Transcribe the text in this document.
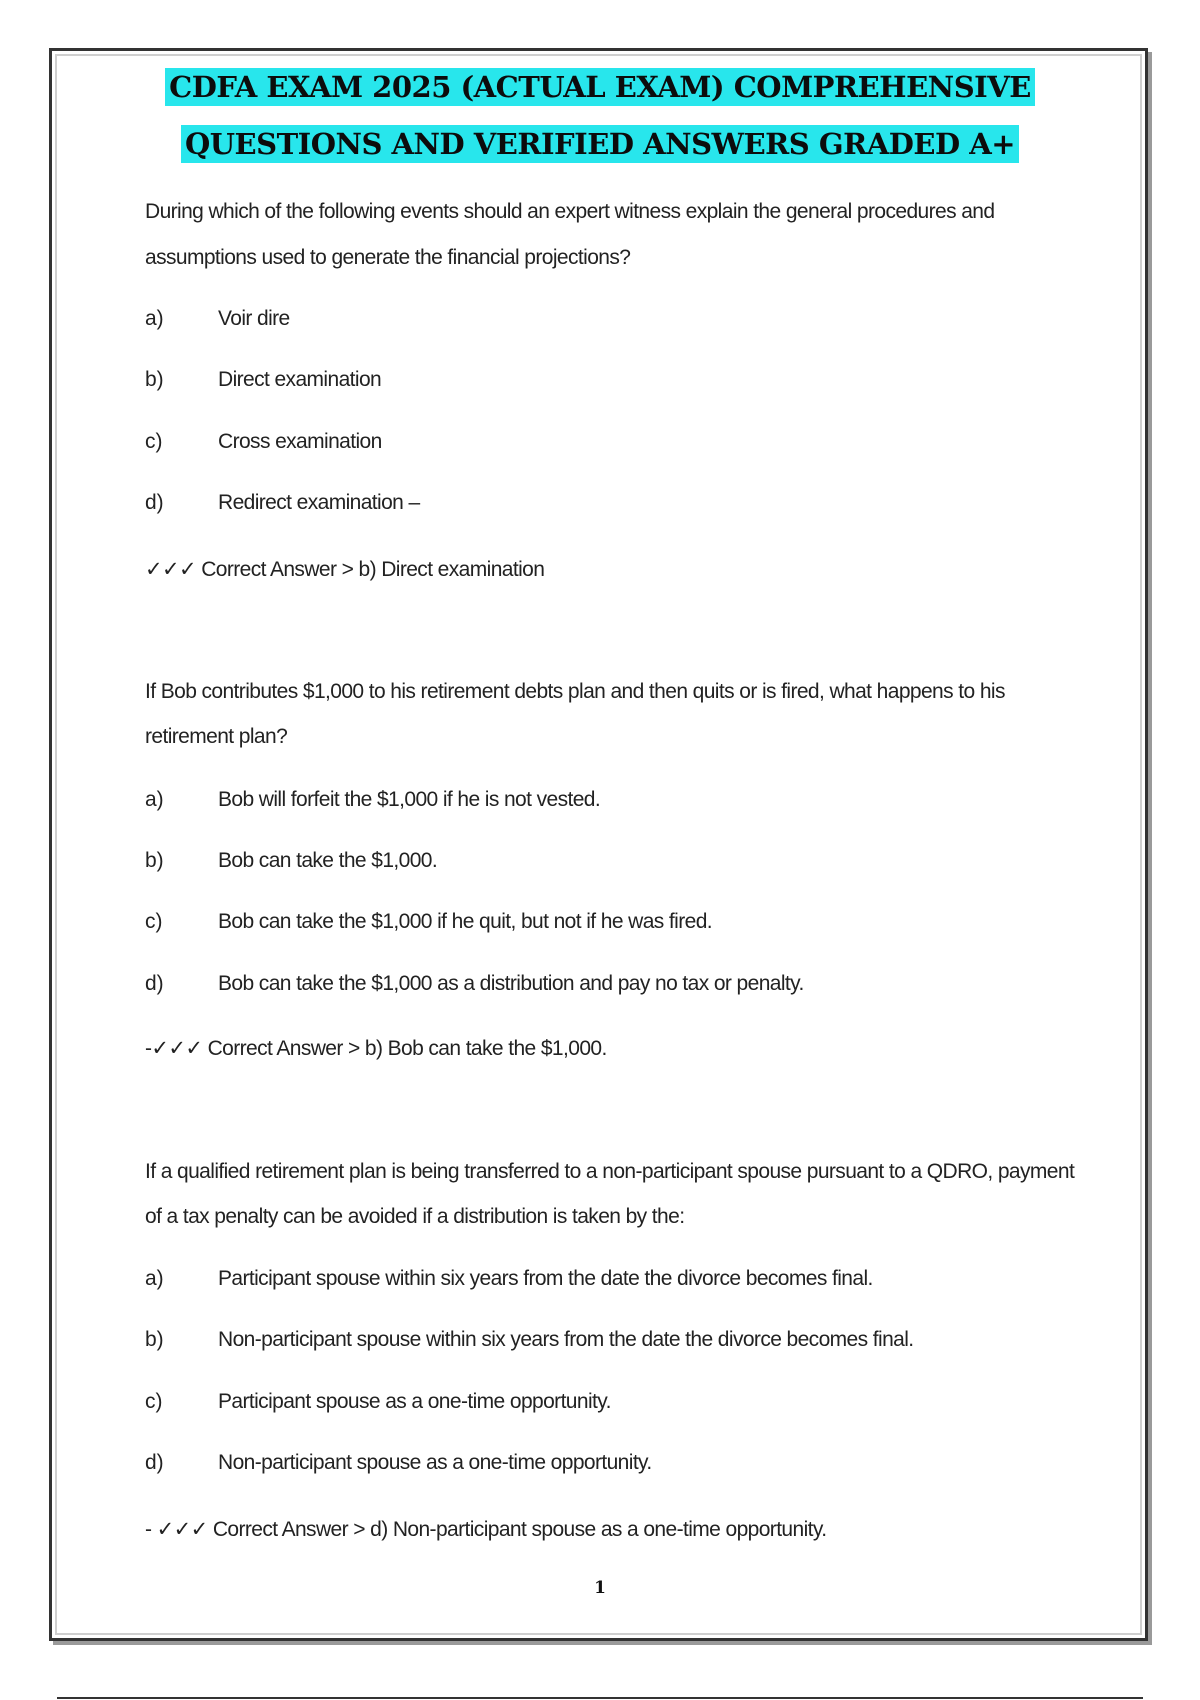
CDFA EXAM 2025 (ACTUAL EXAM) COMPREHENSIVE
QUESTIONS AND VERIFIED ANSWERS GRADED A+
During which of the following events should an expert witness explain the general procedures and
assumptions used to generate the financial projections?
a)	Voir dire
b)	Direct examination
c)	Cross examination
d)	Redirect examination –
✓✓✓ Correct Answer > b) Direct examination
If Bob contributes $1,000 to his retirement debts plan and then quits or is fired, what happens to his
retirement plan?
a)	Bob will forfeit the $1,000 if he is not vested.
b)	Bob can take the $1,000.
c)	Bob can take the $1,000 if he quit, but not if he was fired.
d)	Bob can take the $1,000 as a distribution and pay no tax or penalty.
-✓✓✓ Correct Answer > b) Bob can take the $1,000.
If a qualified retirement plan is being transferred to a non-participant spouse pursuant to a QDRO, payment
of a tax penalty can be avoided if a distribution is taken by the:
a)	Participant spouse within six years from the date the divorce becomes final.
b)	Non-participant spouse within six years from the date the divorce becomes final.
c)	Participant spouse as a one-time opportunity.
d)	Non-participant spouse as a one-time opportunity.
- ✓✓✓ Correct Answer > d) Non-participant spouse as a one-time opportunity.
1
